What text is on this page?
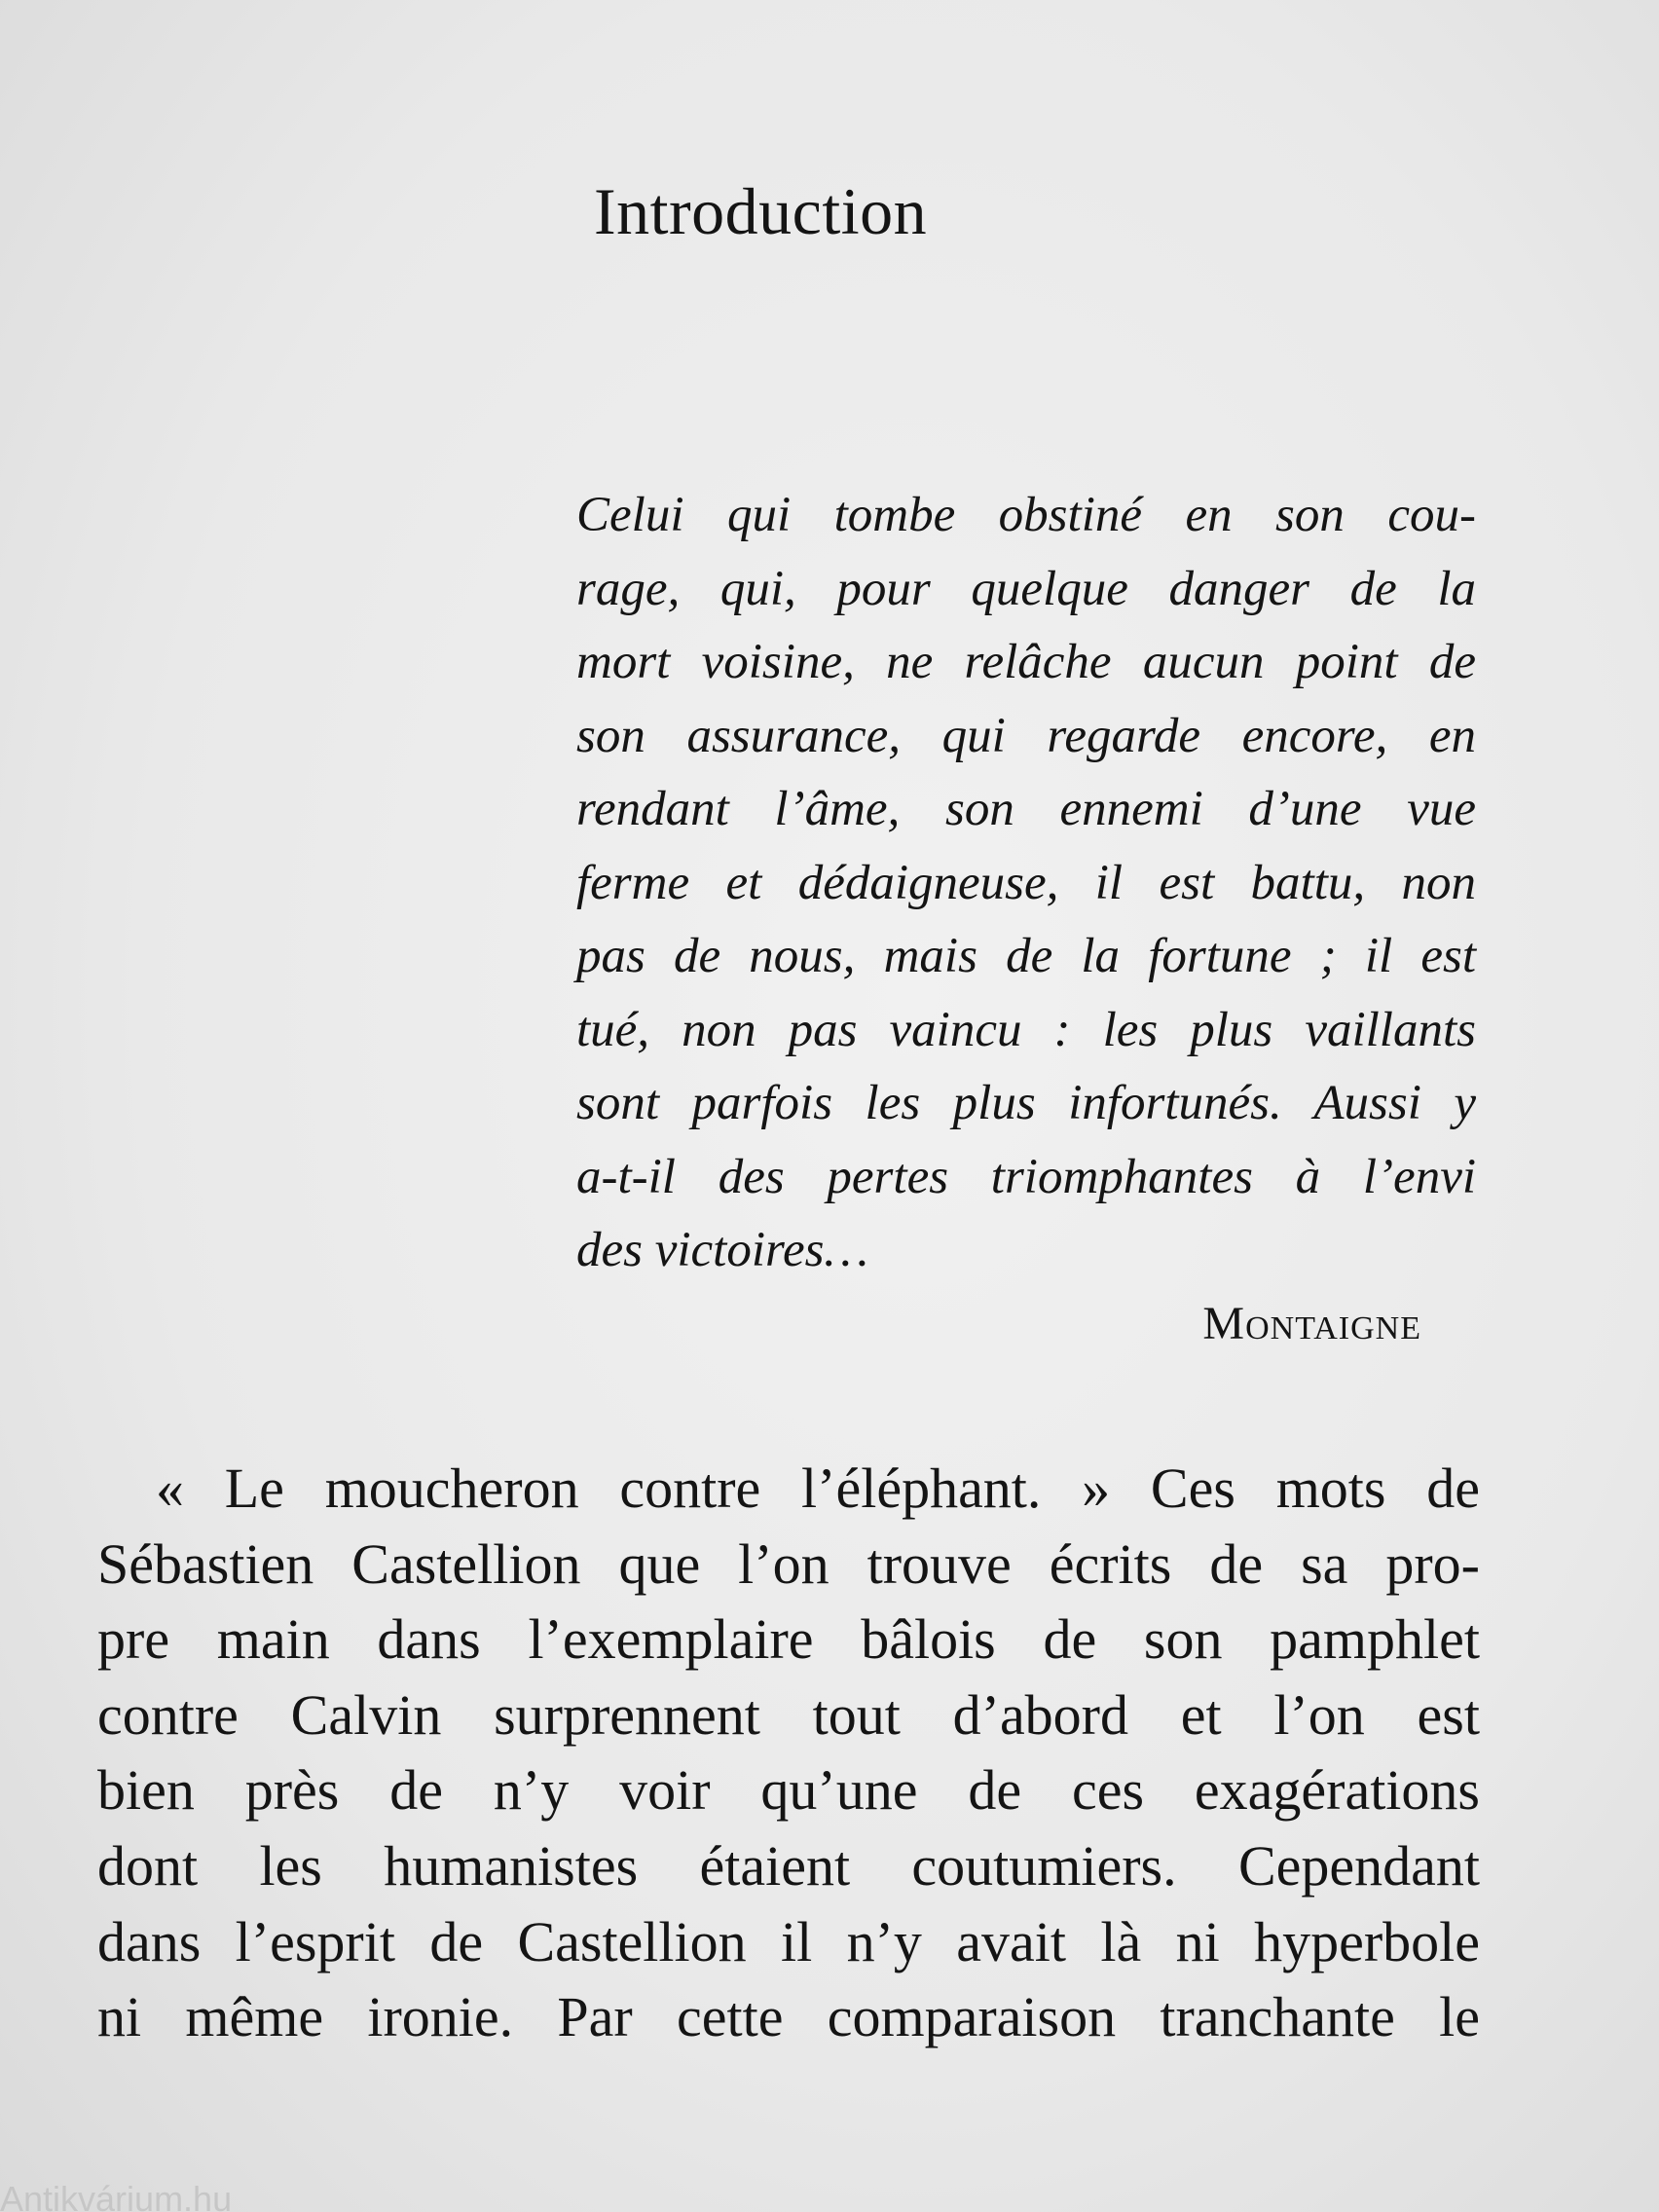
Introduction
Celui qui tombe obstiné en son cou-
rage, qui, pour quelque danger de la
mort voisine, ne relâche aucun point de
son assurance, qui regarde encore, en
rendant l’âme, son ennemi d’une vue
ferme et dédaigneuse, il est battu, non
pas de nous, mais de la fortune ; il est
tué, non pas vaincu : les plus vaillants
sont parfois les plus infortunés. Aussi y
a-t-il des pertes triomphantes à l’envi
des victoires…
Montaigne
« Le moucheron contre l’éléphant. » Ces mots de
Sébastien Castellion que l’on trouve écrits de sa pro-
pre main dans l’exemplaire bâlois de son pamphlet
contre Calvin surprennent tout d’abord et l’on est
bien près de n’y voir qu’une de ces exagérations
dont les humanistes étaient coutumiers. Cependant
dans l’esprit de Castellion il n’y avait là ni hyperbole
ni même ironie. Par cette comparaison tranchante le
Antikvárium.hu
